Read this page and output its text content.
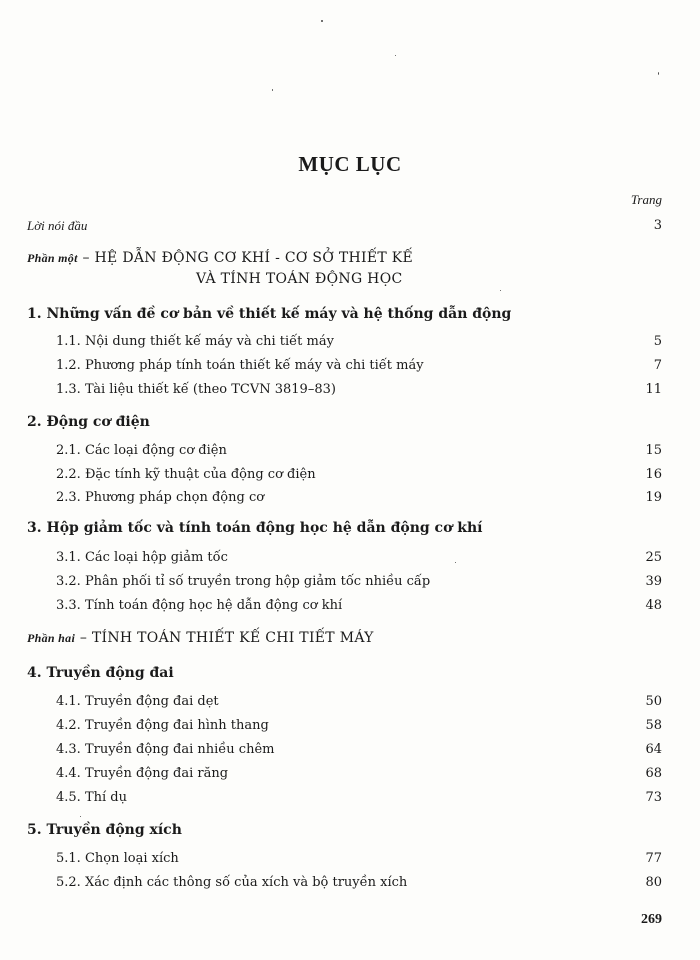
MỤC LỤC
Trang
Lời nói đầu	3
Phần một – HỆ DẪN ĐỘNG CƠ KHÍ - CƠ SỞ THIẾT KẾ
VÀ TÍNH TOÁN ĐỘNG HỌC
1. Những vấn đề cơ bản về thiết kế máy và hệ thống dẫn động
1.1. Nội dung thiết kế máy và chi tiết máy	5
1.2. Phương pháp tính toán thiết kế máy và chi tiết máy	7
1.3. Tài liệu thiết kế (theo TCVN 3819–83)	11
2. Động cơ điện
2.1. Các loại động cơ điện	15
2.2. Đặc tính kỹ thuật của động cơ điện	16
2.3. Phương pháp chọn động cơ	19
3. Hộp giảm tốc và tính toán động học hệ dẫn động cơ khí
3.1. Các loại hộp giảm tốc	25
3.2. Phân phối tỉ số truyền trong hộp giảm tốc nhiều cấp	39
3.3. Tính toán động học hệ dẫn động cơ khí	48
Phần hai – TÍNH TOÁN THIẾT KẾ CHI TIẾT MÁY
4. Truyền động đai
4.1. Truyền động đai dẹt	50
4.2. Truyền động đai hình thang	58
4.3. Truyền động đai nhiều chêm	64
4.4. Truyền động đai răng	68
4.5. Thí dụ	73
5. Truyền động xích
5.1. Chọn loại xích	77
5.2. Xác định các thông số của xích và bộ truyền xích	80
269
